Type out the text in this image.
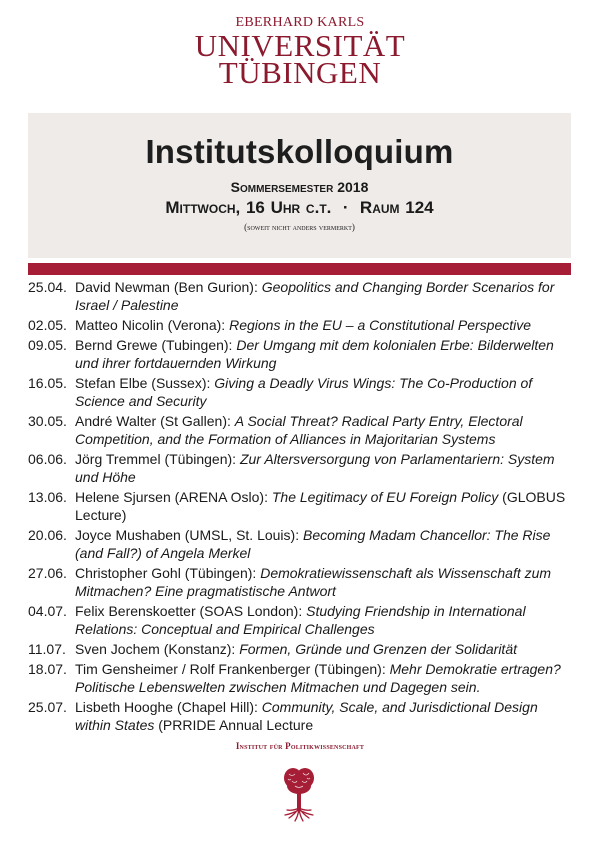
EBERHARD KARLS
UNIVERSITÄT
TÜBINGEN
Institutskolloquium
Sommersemester 2018
Mittwoch, 16 Uhr c.t.  ·  Raum 124
(soweit nicht anders vermerkt)
25.04. David Newman (Ben Gurion): Geopolitics and Changing Border Scenarios for Israel / Palestine
02.05. Matteo Nicolin (Verona): Regions in the EU – a Constitutional Perspective
09.05. Bernd Grewe (Tubingen): Der Umgang mit dem kolonialen Erbe: Bilderwelten und ihrer fortdauernden Wirkung
16.05. Stefan Elbe (Sussex): Giving a Deadly Virus Wings: The Co-Production of Science and Security
30.05. André Walter (St Gallen): A Social Threat? Radical Party Entry, Electoral Competition, and the Formation of Alliances in Majoritarian Systems
06.06. Jörg Tremmel (Tübingen): Zur Altersversorgung von Parlamentariern: System und Höhe
13.06. Helene Sjursen (ARENA Oslo): The Legitimacy of EU Foreign Policy (GLOBUS Lecture)
20.06. Joyce Mushaben (UMSL, St. Louis): Becoming Madam Chancellor: The Rise (and Fall?) of Angela Merkel
27.06. Christopher Gohl (Tübingen): Demokratiewissenschaft als Wissenschaft zum Mitmachen? Eine pragmatistische Antwort
04.07. Felix Berenskoetter (SOAS London): Studying Friendship in International Relations: Conceptual and Empirical Challenges
11.07. Sven Jochem (Konstanz): Formen, Gründe und Grenzen der Solidarität
18.07. Tim Gensheimer / Rolf Frankenberger (Tübingen): Mehr Demokratie ertragen? Politische Lebenswelten zwischen Mitmachen und Dagegen sein.
25.07. Lisbeth Hooghe (Chapel Hill): Community, Scale, and Jurisdictional Design within States (PRRIDE Annual Lecture
Institut für Politikwissenschaft
